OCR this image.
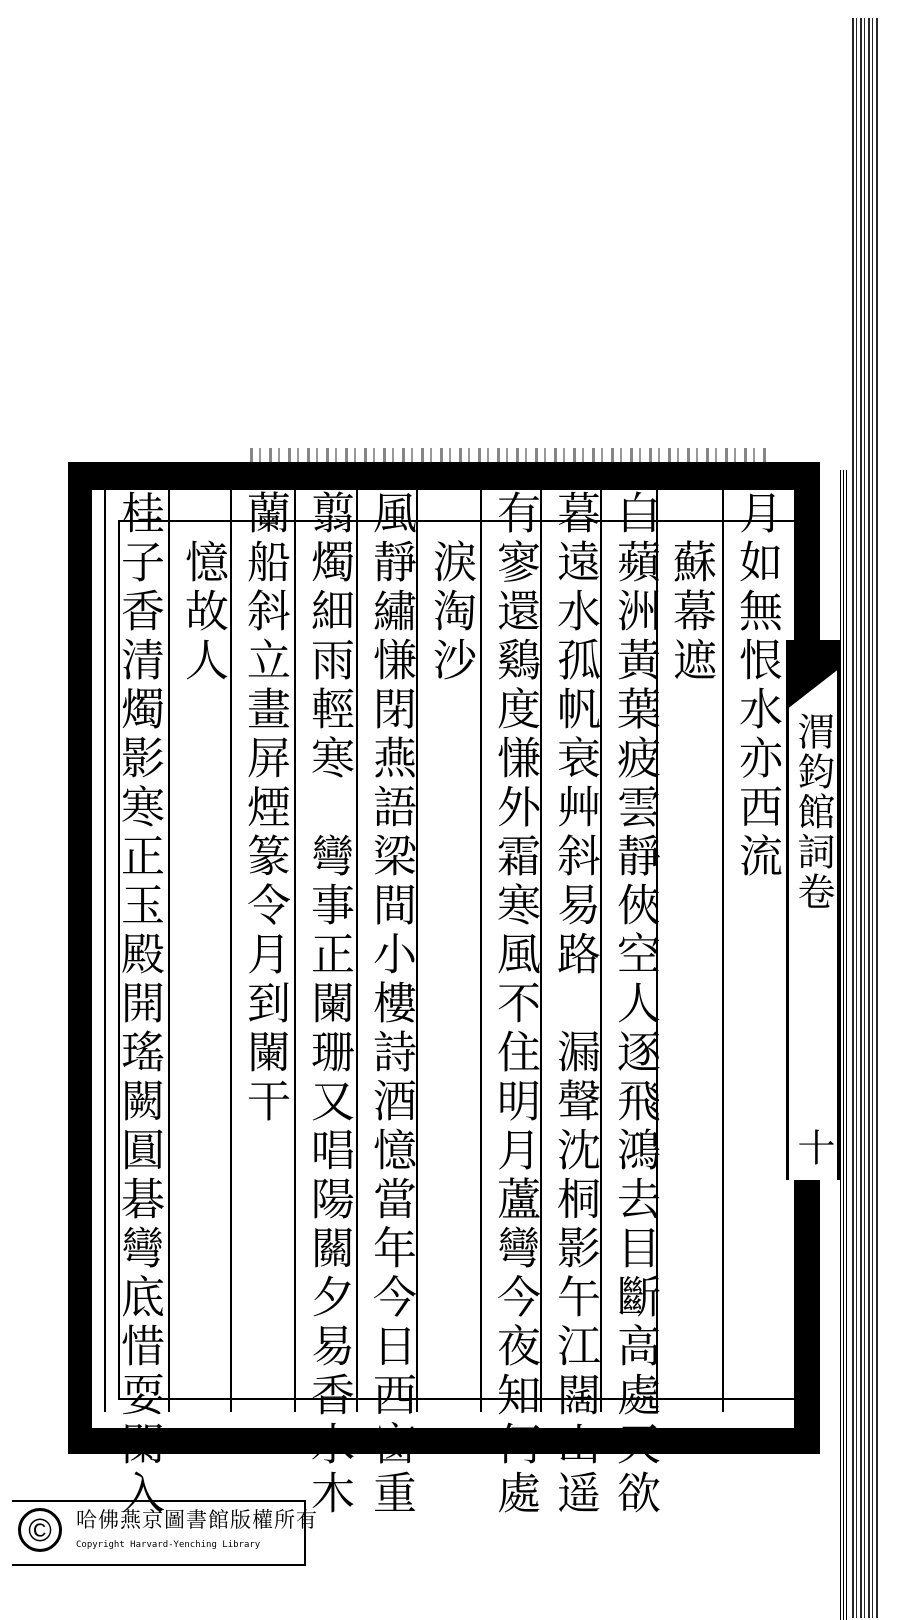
渭鈞館詞卷
十
月如無恨水亦西流
　蘇幕遮
白蘋洲黃葉疲雲靜俠空人逐飛鴻去目斷高處天欲
暮遠水孤帆衰艸斜易路　漏聲沈桐影午江闊山遥
有寥還鷄度慊外霜寒風不住明月蘆彎今夜知何處
　淚淘沙
風靜繡慊閉燕語梁間小樓詩酒憶當年今日西窗重
翦燭細雨輕寒　彎事正闌珊又唱陽關夕易香水木
蘭船斜立畫屏煙篆令月到闌干
　憶故人
桂子香清燭影寒正玉殿開瑤闕圓碁彎底惜耍闌入
©	哈佛燕京圖書館版權所有
Copyright Harvard-Yenching Library
